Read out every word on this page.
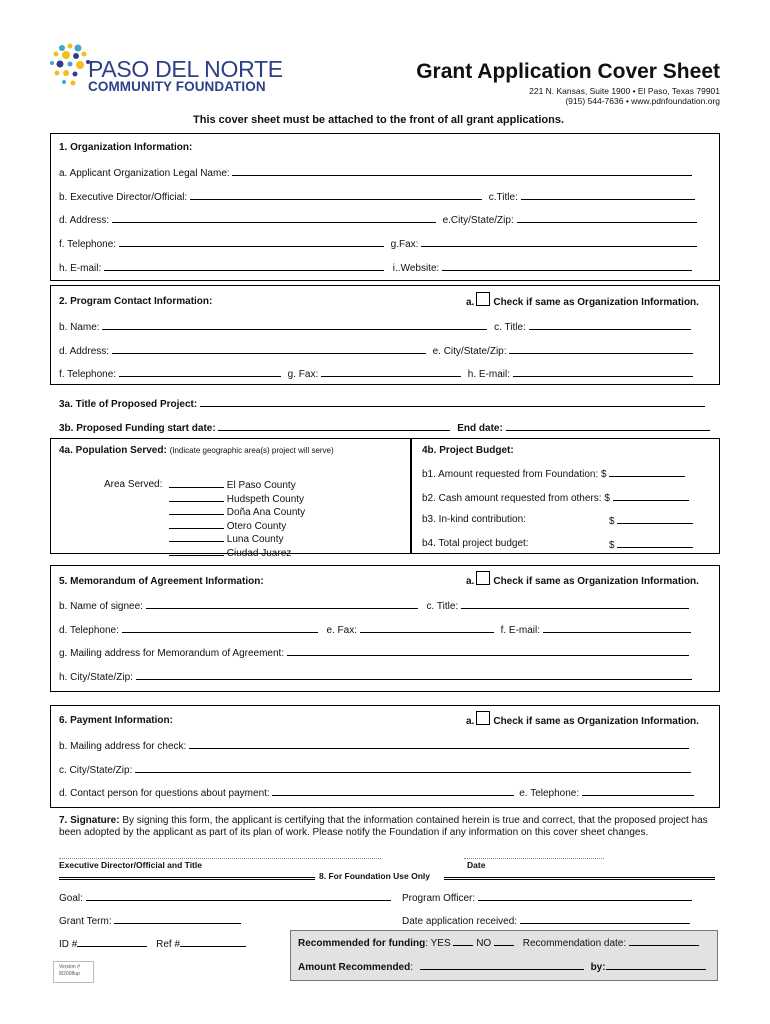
PASO DEL NORTE
COMMUNITY FOUNDATION
Grant Application Cover Sheet
221 N. Kansas, Suite 1900 • El Paso, Texas 79901
(915) 544-7636 • www.pdnfoundation.org
This cover sheet must be attached to the front of all grant applications.
1. Organization Information:
a. Applicant Organization Legal Name:
b. Executive Director/Official:	c.Title:
d. Address:	e.City/State/Zip:
f. Telephone:	g.Fax:
h. E-mail:	i..Website:
2. Program Contact Information:	a. Check if same as Organization Information.
b. Name:	c. Title:
d. Address:	e. City/State/Zip:
f. Telephone:	g. Fax:	h. E-mail:
3a. Title of Proposed Project:
3b. Proposed Funding start date:	End date:
4a. Population Served: (Indicate geographic area(s) project will serve)
Area Served:	El Paso County
Hudspeth County
Doña Ana County
Otero County
Luna County
Ciudad Juarez
4b. Project Budget:
b1. Amount requested from Foundation: $
b2. Cash amount requested from others: $
b3. In-kind contribution:	$
b4. Total project budget:	$
5. Memorandum of Agreement Information:	a. Check if same as Organization Information.
b. Name of signee:	c. Title:
d. Telephone:	e. Fax:	f. E-mail:
g. Mailing address for Memorandum of Agreement:
h. City/State/Zip:
6. Payment Information:	a. Check if same as Organization Information.
b. Mailing address for check:
c. City/State/Zip:
d. Contact person for questions about payment:	e. Telephone:
7. Signature: By signing this form, the applicant is certifying that the information contained herein is true and correct, that the proposed project has
been adopted by the applicant as part of its plan of work. Please notify the Foundation if any information on this cover sheet changes.
Executive Director/Official and Title	Date
8. For Foundation Use Only
Goal:	Program Officer:
Grant Term:	Date application received:
ID #	Ref #	Recommended for funding: YES	NO	Recommendation date:
Amount Recommended:	by:
Version #
8/2008up
